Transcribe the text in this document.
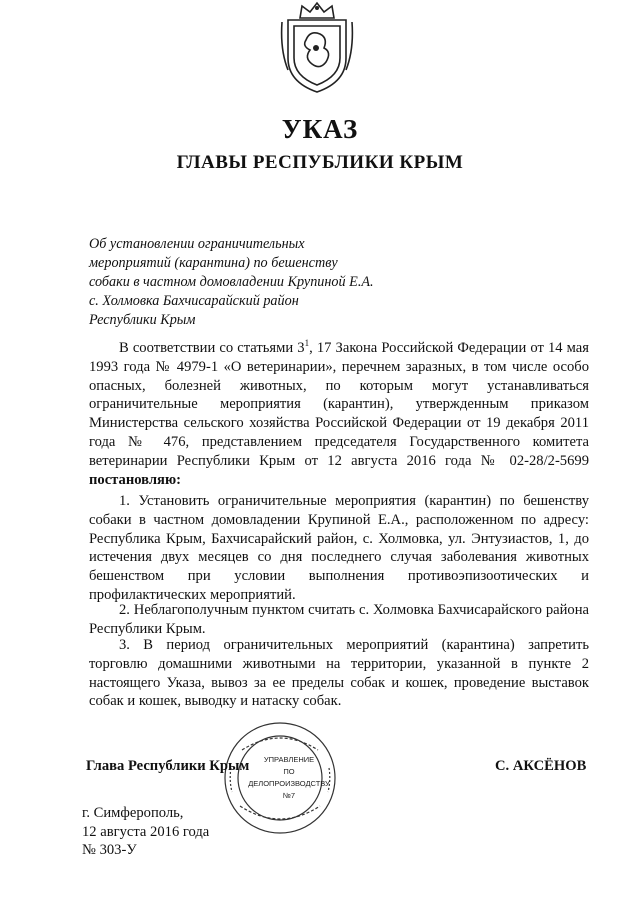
УКАЗ
ГЛАВЫ РЕСПУБЛИКИ КРЫМ
Об установлении ограничительных
мероприятий (карантина) по бешенству
собаки в частном домовладении Крупиной Е.А.
с. Холмовка Бахчисарайский район
Республики Крым
В соответствии со статьями $3^1$, 17 Закона Российской Федерации от 14 мая 1993 года № 4979-1 «О ветеринарии», перечнем заразных, в том числе особо опасных, болезней животных, по которым могут устанавливаться ограничительные мероприятия (карантин), утвержденным приказом Министерства сельского хозяйства Российской Федерации от 19 декабря 2011 года № 476, представлением председателя Государственного комитета ветеринарии Республики Крым от 12 августа 2016 года № 02-28/2-5699 постановляю:
1. Установить ограничительные мероприятия (карантин) по бешенству собаки в частном домовладении Крупиной Е.А., расположенном по адресу: Республика Крым, Бахчисарайский район, с. Холмовка, ул. Энтузиастов, 1, до истечения двух месяцев со дня последнего случая заболевания животных бешенством при условии выполнения противоэпизоотических и профилактических мероприятий.
2. Неблагополучным пунктом считать с. Холмовка Бахчисарайского района Республики Крым.
3. В период ограничительных мероприятий (карантина) запретить торговлю домашними животными на территории, указанной в пункте 2 настоящего Указа, вывоз за ее пределы собак и кошек, проведение выставок собак и кошек, выводку и натаску собак.
УПРАВЛЕНИЕ
ПО
ДЕЛОПРОИЗВОДСТВУ
№7
Глава Республики Крым	С. АКСЁНОВ
г. Симферополь,
12 августа 2016 года
№ 303-У
